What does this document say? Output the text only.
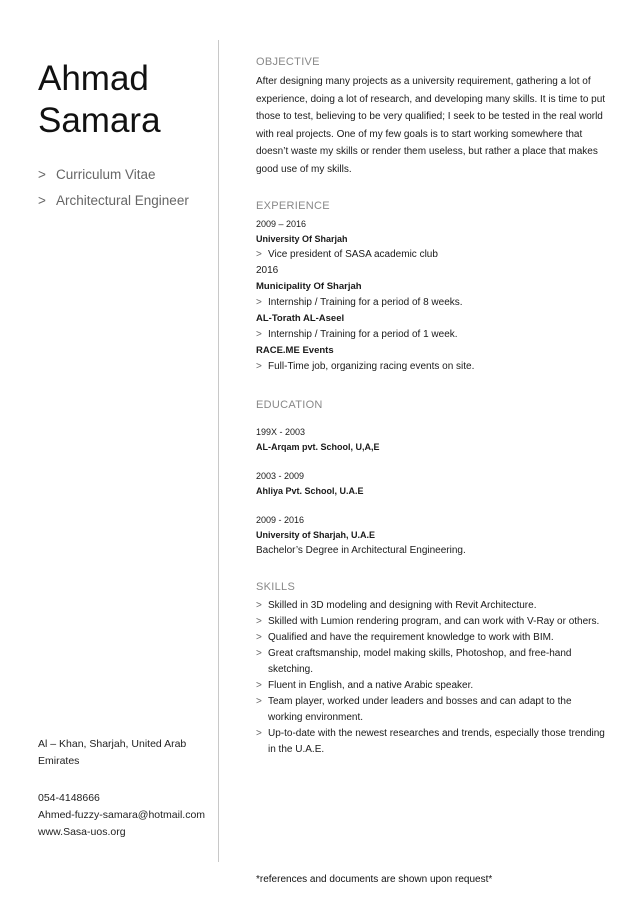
Ahmad
Samara
> Curriculum Vitae
> Architectural Engineer
Al – Khan, Sharjah, United Arab Emirates
054-4148666
Ahmed-fuzzy-samara@hotmail.com
www.Sasa-uos.org
OBJECTIVE
After designing many projects as a university requirement, gathering a lot of experience, doing a lot of research, and developing many skills. It is time to put those to test, believing to be very qualified; I seek to be tested in the real world with real projects. One of my few goals is to start working somewhere that doesn’t waste my skills or render them useless, but rather a place that makes good use of my skills.
EXPERIENCE
2009 – 2016
University Of Sharjah
> Vice president of SASA academic club
2016
Municipality Of Sharjah
> Internship / Training for a period of 8 weeks.
AL-Torath AL-Aseel
> Internship / Training for a period of 1 week.
RACE.ME Events
> Full-Time job, organizing racing events on site.
EDUCATION
199X - 2003
AL-Arqam pvt. School, U,A,E
2003 - 2009
Ahliya Pvt. School, U.A.E
2009 - 2016
University of Sharjah, U.A.E
Bachelor’s Degree in Architectural Engineering.
SKILLS
> Skilled in 3D modeling and designing with Revit Architecture.
> Skilled with Lumion rendering program, and can work with V-Ray or others.
> Qualified and have the requirement knowledge to work with BIM.
> Great craftsmanship, model making skills, Photoshop, and free-hand sketching.
> Fluent in English, and a native Arabic speaker.
> Team player, worked under leaders and bosses and can adapt to the working environment.
> Up-to-date with the newest researches and trends, especially those trending in the U.A.E.
*references and documents are shown upon request*
